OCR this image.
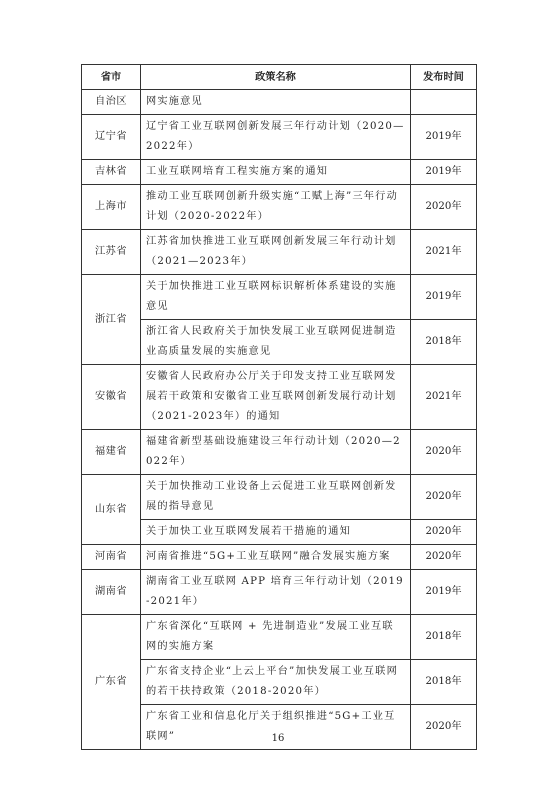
省市	政策名称	发布时间
自治区	网实施意见	
辽宁省	辽宁省工业互联网创新发展三年行动计划（2020—2022年）	2019年
吉林省	工业互联网培育工程实施方案的通知	2019年
上海市	推动工业互联网创新升级实施“工赋上海”三年行动计划（2020-2022年）	2020年
江苏省	江苏省加快推进工业互联网创新发展三年行动计划（2021—2023年）	2021年
浙江省	关于加快推进工业互联网标识解析体系建设的实施意见	2019年
	浙江省人民政府关于加快发展工业互联网促进制造业高质量发展的实施意见	2018年
安徽省	安徽省人民政府办公厅关于印发支持工业互联网发展若干政策和安徽省工业互联网创新发展行动计划（2021-2023年）的通知	2021年
福建省	福建省新型基础设施建设三年行动计划（2020—2022年）	2020年
山东省	关于加快推动工业设备上云促进工业互联网创新发展的指导意见	2020年
	关于加快工业互联网发展若干措施的通知	2020年
河南省	河南省推进“5G+工业互联网”融合发展实施方案	2020年
湖南省	湖南省工业互联网 APP 培育三年行动计划（2019-2021年）	2019年
广东省	广东省深化“互联网 + 先进制造业”发展工业互联网的实施方案	2018年
	广东省支持企业“上云上平台”加快发展工业互联网的若干扶持政策（2018-2020年）	2018年
	广东省工业和信息化厅关于组织推进“5G+工业互联网”	2020年
16
